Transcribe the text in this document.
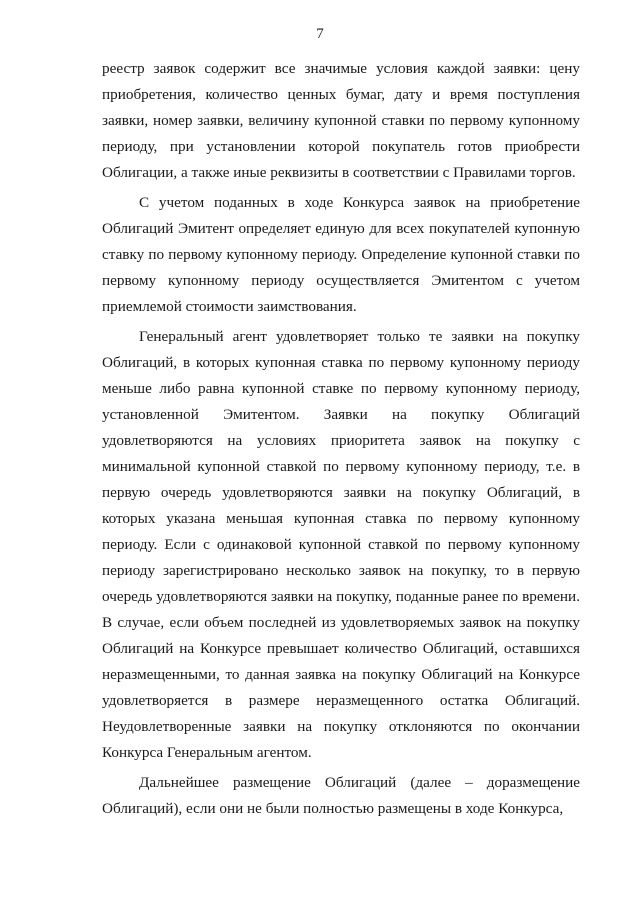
7

реестр заявок содержит все значимые условия каждой заявки: цену приобретения, количество ценных бумаг, дату и время поступления заявки, номер заявки, величину купонной ставки по первому купонному периоду, при установлении которой покупатель готов приобрести Облигации, а также иные реквизиты в соответствии с Правилами торгов.

С учетом поданных в ходе Конкурса заявок на приобретение Облигаций Эмитент определяет единую для всех покупателей купонную ставку по первому купонному периоду. Определение купонной ставки по первому купонному периоду осуществляется Эмитентом с учетом приемлемой стоимости заимствования.

Генеральный агент удовлетворяет только те заявки на покупку Облигаций, в которых купонная ставка по первому купонному периоду меньше либо равна купонной ставке по первому купонному периоду, установленной Эмитентом. Заявки на покупку Облигаций удовлетворяются на условиях приоритета заявок на покупку с минимальной купонной ставкой по первому купонному периоду, т.е. в первую очередь удовлетворяются заявки на покупку Облигаций, в которых указана меньшая купонная ставка по первому купонному периоду. Если с одинаковой купонной ставкой по первому купонному периоду зарегистрировано несколько заявок на покупку, то в первую очередь удовлетворяются заявки на покупку, поданные ранее по времени. В случае, если объем последней из удовлетворяемых заявок на покупку Облигаций на Конкурсе превышает количество Облигаций, оставшихся неразмещенными, то данная заявка на покупку Облигаций на Конкурсе удовлетворяется в размере неразмещенного остатка Облигаций. Неудовлетворенные заявки на покупку отклоняются по окончании Конкурса Генеральным агентом.

Дальнейшее размещение Облигаций (далее – доразмещение Облигаций), если они не были полностью размещены в ходе Конкурса,
